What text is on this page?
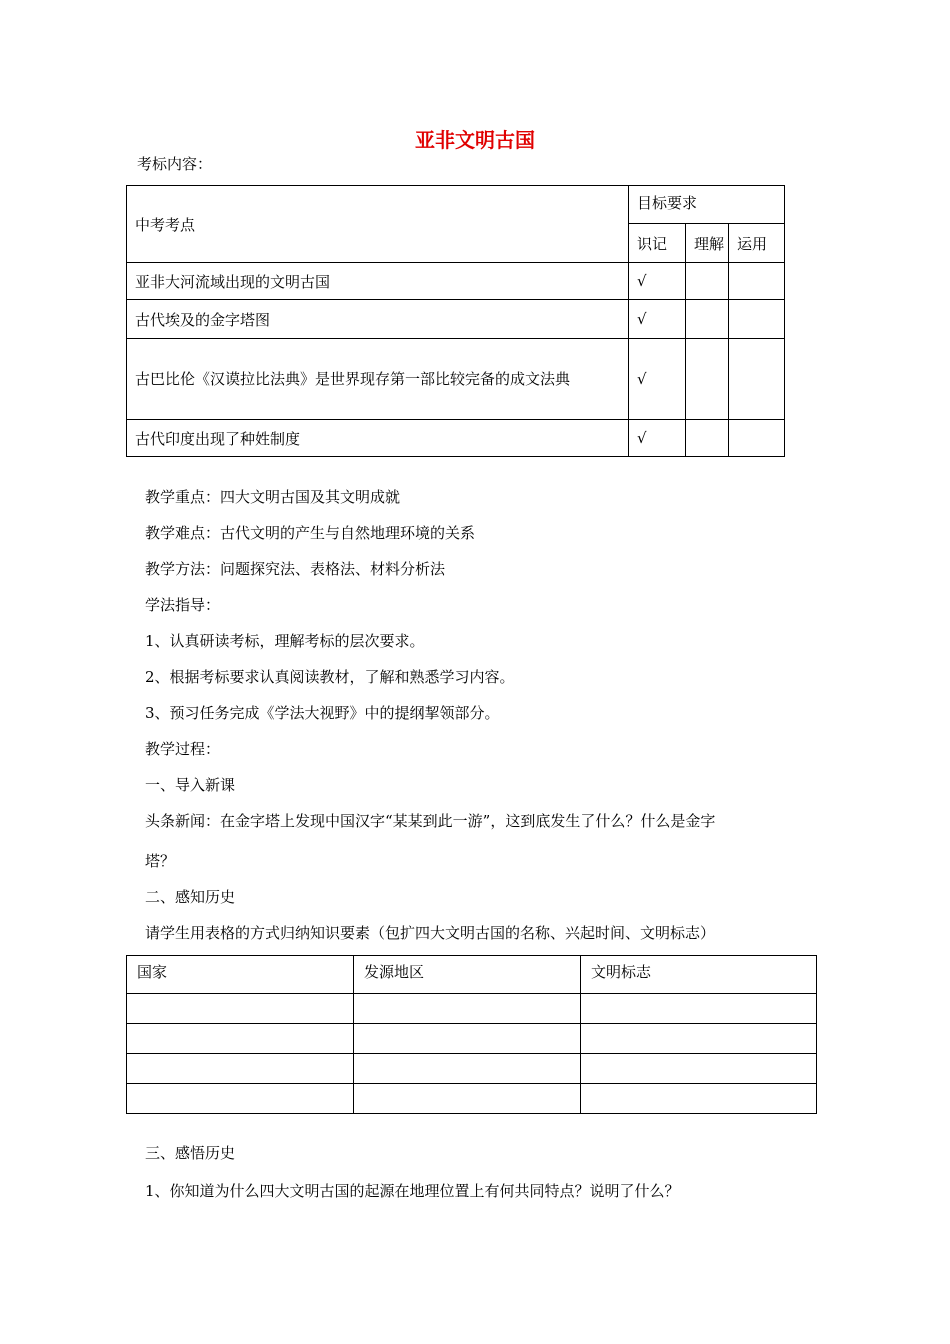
亚非文明古国
考标内容：
中考考点	目标要求		
	识记	理解	运用
亚非大河流域出现的文明古国	√		
古代埃及的金字塔图	√		
古巴比伦《汉谟拉比法典》是世界现存第一部比较完备的成文法典	√		
古代印度出现了种姓制度	√		
教学重点：四大文明古国及其文明成就
教学难点：古代文明的产生与自然地理环境的关系
教学方法：问题探究法、表格法、材料分析法
学法指导：
1、认真研读考标，理解考标的层次要求。
2、根据考标要求认真阅读教材，了解和熟悉学习内容。
3、预习任务完成《学法大视野》中的提纲挈领部分。
教学过程：
一、导入新课
头条新闻：在金字塔上发现中国汉字“某某到此一游”，这到底发生了什么？什么是金字
塔？
二、感知历史
请学生用表格的方式归纳知识要素（包扩四大文明古国的名称、兴起时间、文明标志）
国家	发源地区	文明标志

三、感悟历史
1、你知道为什么四大文明古国的起源在地理位置上有何共同特点？说明了什么？
